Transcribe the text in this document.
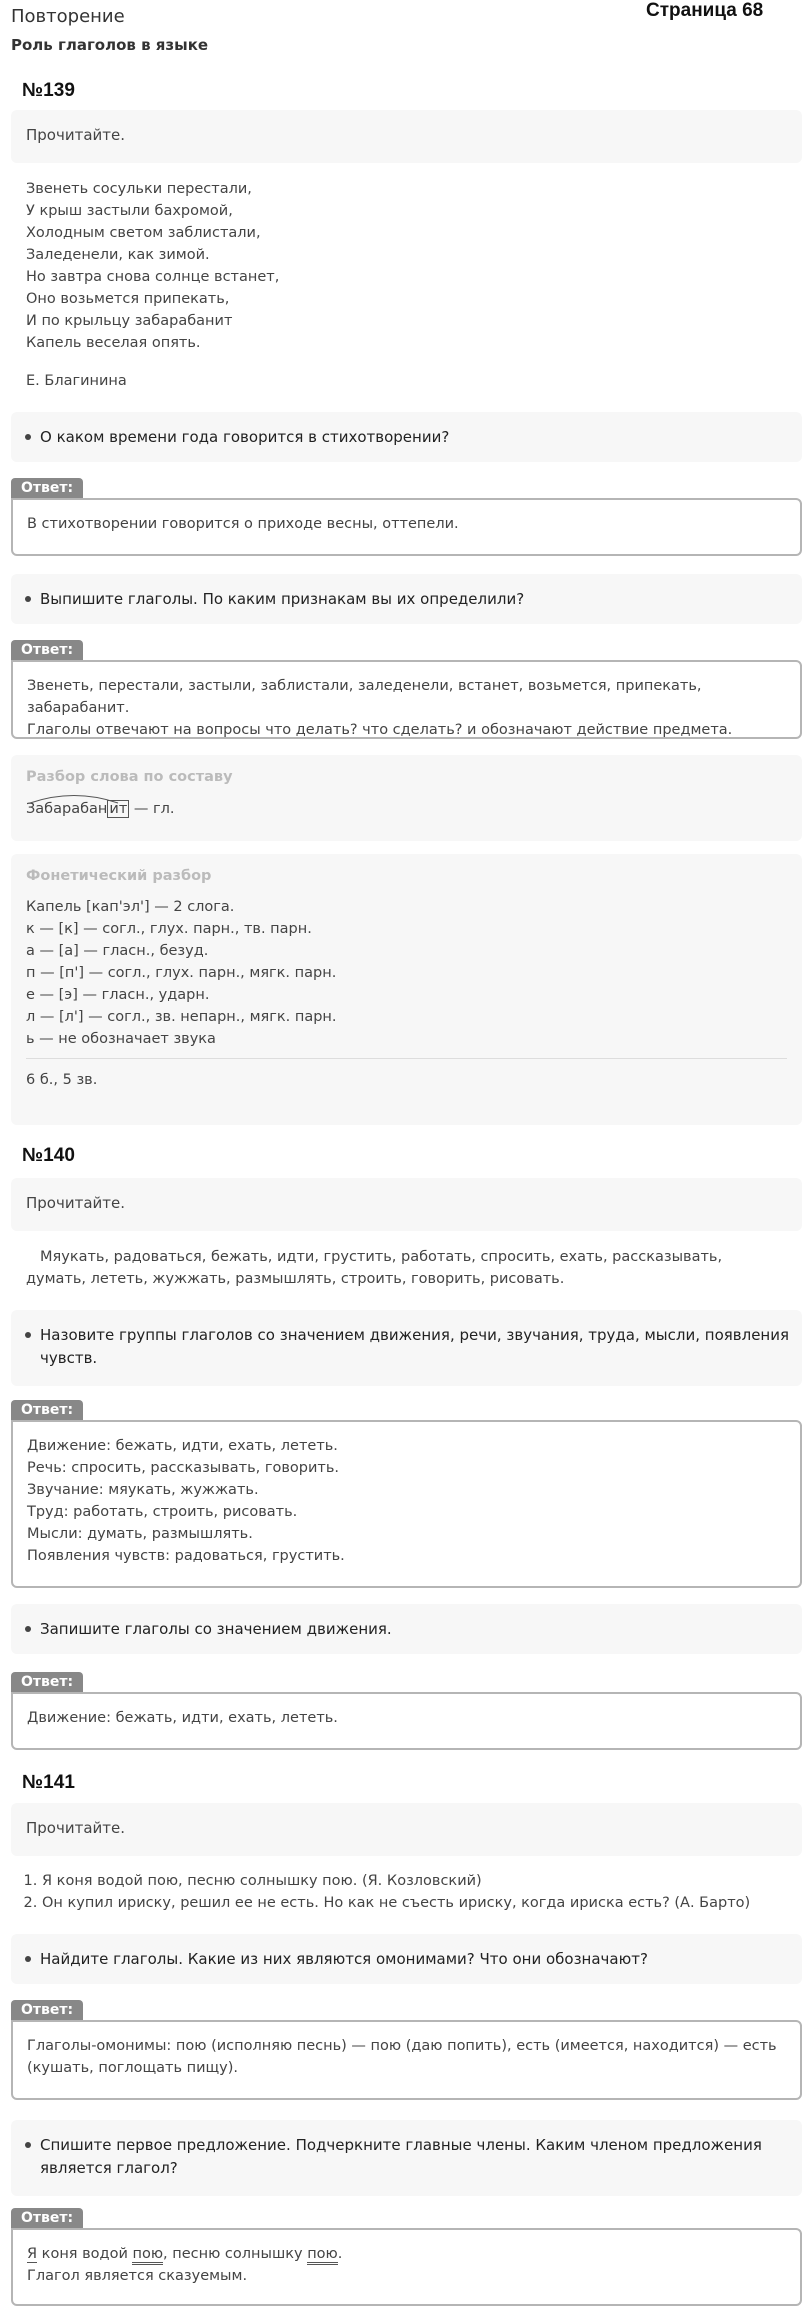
Повторение
Роль глаголов в языке
Страница 68
№139
Прочитайте.
Звенеть сосульки перестали,
У крыш застыли бахромой,
Холодным светом заблистали,
Заледенели, как зимой.
Но завтра снова солнце встанет,
Оно возьмется припекать,
И по крыльцу забарабанит
Капель веселая опять.
Е. Благинина
О каком времени года говорится в стихотворении?
Ответ:
В стихотворении говорится о приходе весны, оттепели.
Выпишите глаголы. По каким признакам вы их определили?
Ответ:
Звенеть, перестали, застыли, заблистали, заледенели, встанет, возьмется, припекать, забарабанит.
Глаголы отвечают на вопросы что делать? что сделать? и обозначают действие предмета.
Разбор слова по составу
Забарабан ит — гл.
Фонетический разбор
Капель [кап'эл'] — 2 слога.
к — [к] — согл., глух. парн., тв. парн.
а — [а] — гласн., безуд.
п — [п'] — согл., глух. парн., мягк. парн.
е — [э] — гласн., ударн.
л — [л'] — согл., зв. непарн., мягк. парн.
ь — не обозначает звука
6 б., 5 зв.
№140
Прочитайте.
Мяукать, радоваться, бежать, идти, грустить, работать, спросить, ехать, рассказывать, думать, лететь, жужжать, размышлять, строить, говорить, рисовать.
Назовите группы глаголов со значением движения, речи, звучания, труда, мысли, появления чувств.
Ответ:
Движение: бежать, идти, ехать, лететь.
Речь: спросить, рассказывать, говорить.
Звучание: мяукать, жужжать.
Труд: работать, строить, рисовать.
Мысли: думать, размышлять.
Появления чувств: радоваться, грустить.
Запишите глаголы со значением движения.
Ответ:
Движение: бежать, идти, ехать, лететь.
№141
Прочитайте.
1. Я коня водой пою, песню солнышку пою. (Я. Козловский)
2. Он купил ириску, решил ее не есть. Но как не съесть ириску, когда ириска есть? (А. Барто)
Найдите глаголы. Какие из них являются омонимами? Что они обозначают?
Ответ:
Глаголы-омонимы: пою (исполняю песнь) — пою (даю попить), есть (имеется, находится) — есть (кушать, поглощать пищу).
Спишите первое предложение. Подчеркните главные члены. Каким членом предложения является глагол?
Ответ:
Я коня водой пою, песню солнышку пою.
Глагол является сказуемым.
